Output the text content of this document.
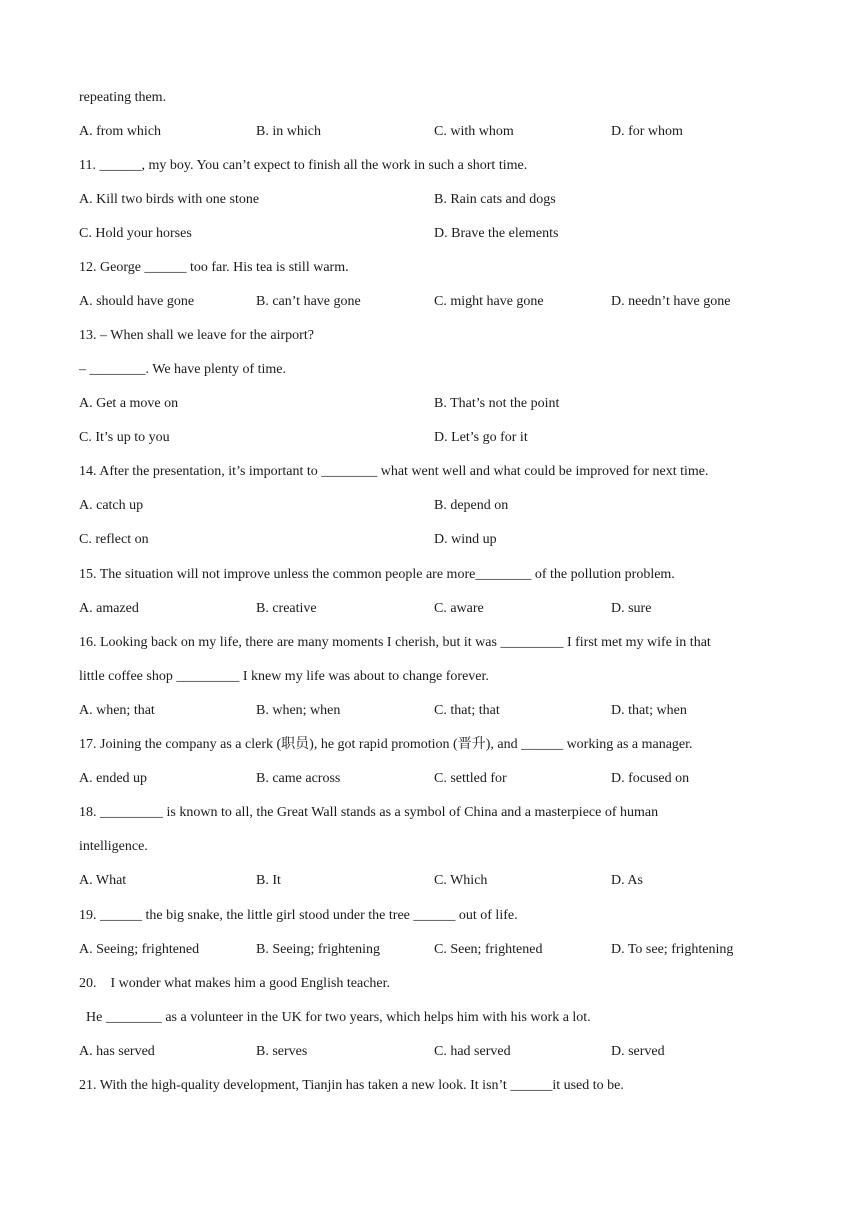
repeating them.
A. from which	B. in which	C. with whom	D. for whom
11. ______, my boy. You can’t expect to finish all the work in such a short time.
A. Kill two birds with one stone	B. Rain cats and dogs
C. Hold your horses	D. Brave the elements
12. George ______ too far. His tea is still warm.
A. should have gone	B. can’t have gone	C. might have gone	D. needn’t have gone
13. – When shall we leave for the airport?
– ________. We have plenty of time.
A. Get a move on	B. That’s not the point
C. It’s up to you	D. Let’s go for it
14. After the presentation, it’s important to ________ what went well and what could be improved for next time.
A. catch up	B. depend on
C. reflect on	D. wind up
15. The situation will not improve unless the common people are more________ of the pollution problem.
A. amazed	B. creative	C. aware	D. sure
16. Looking back on my life, there are many moments I cherish, but it was _________ I first met my wife in that
little coffee shop _________ I knew my life was about to change forever.
A. when; that	B. when; when	C. that; that	D. that; when
17. Joining the company as a clerk (职员), he got rapid promotion (晋升), and ______ working as a manager.
A. ended up	B. came across	C. settled for	D. focused on
18. _________ is known to all, the Great Wall stands as a symbol of China and a masterpiece of human
intelligence.
A. What	B. It	C. Which	D. As
19. ______ the big snake, the little girl stood under the tree ______ out of life.
A. Seeing; frightened	B. Seeing; frightening	C. Seen; frightened	D. To see; frightening
20.    I wonder what makes him a good English teacher.
He ________ as a volunteer in the UK for two years, which helps him with his work a lot.
A. has served	B. serves	C. had served	D. served
21. With the high-quality development, Tianjin has taken a new look. It isn’t ______it used to be.
